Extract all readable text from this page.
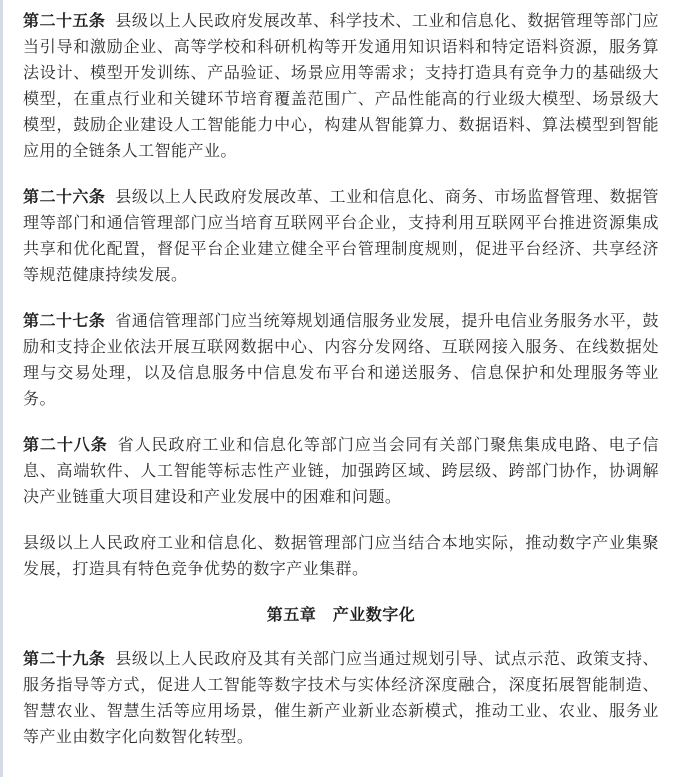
第二十五条 县级以上人民政府发展改革、科学技术、工业和信息化、数据管理等部门应当引导和激励企业、高等学校和科研机构等开发通用知识语料和特定语料资源，服务算法设计、模型开发训练、产品验证、场景应用等需求；支持打造具有竞争力的基础级大模型，在重点行业和关键环节培育覆盖范围广、产品性能高的行业级大模型、场景级大模型，鼓励企业建设人工智能能力中心，构建从智能算力、数据语料、算法模型到智能应用的全链条人工智能产业。

第二十六条 县级以上人民政府发展改革、工业和信息化、商务、市场监督管理、数据管理等部门和通信管理部门应当培育互联网平台企业，支持利用互联网平台推进资源集成共享和优化配置，督促平台企业建立健全平台管理制度规则，促进平台经济、共享经济等规范健康持续发展。

第二十七条 省通信管理部门应当统筹规划通信服务业发展，提升电信业务服务水平，鼓励和支持企业依法开展互联网数据中心、内容分发网络、互联网接入服务、在线数据处理与交易处理，以及信息服务中信息发布平台和递送服务、信息保护和处理服务等业务。

第二十八条 省人民政府工业和信息化等部门应当会同有关部门聚焦集成电路、电子信息、高端软件、人工智能等标志性产业链，加强跨区域、跨层级、跨部门协作，协调解决产业链重大项目建设和产业发展中的困难和问题。

县级以上人民政府工业和信息化、数据管理部门应当结合本地实际，推动数字产业集聚发展，打造具有特色竞争优势的数字产业集群。

第五章　产业数字化

第二十九条 县级以上人民政府及其有关部门应当通过规划引导、试点示范、政策支持、服务指导等方式，促进人工智能等数字技术与实体经济深度融合，深度拓展智能制造、智慧农业、智慧生活等应用场景，催生新产业新业态新模式，推动工业、农业、服务业等产业由数字化向数智化转型。
